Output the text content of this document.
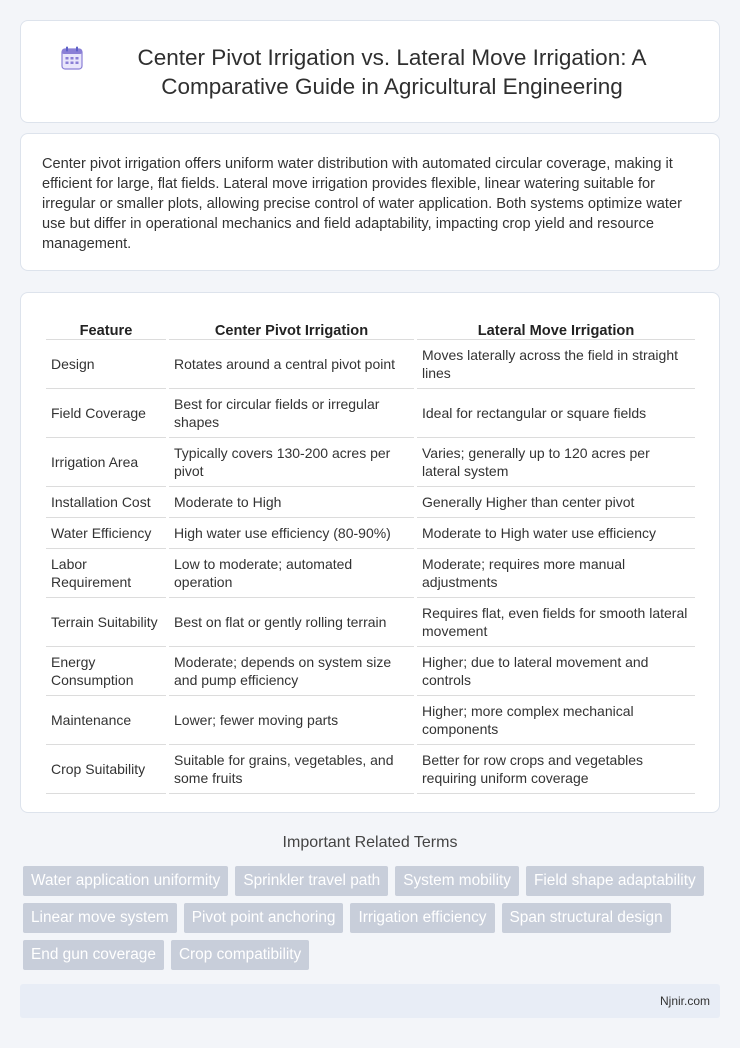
Center Pivot Irrigation vs. Lateral Move Irrigation: A Comparative Guide in Agricultural Engineering

Center pivot irrigation offers uniform water distribution with automated circular coverage, making it efficient for large, flat fields. Lateral move irrigation provides flexible, linear watering suitable for irregular or smaller plots, allowing precise control of water application. Both systems optimize water use but differ in operational mechanics and field adaptability, impacting crop yield and resource management.

Feature	Center Pivot Irrigation	Lateral Move Irrigation
Design	Rotates around a central pivot point	Moves laterally across the field in straight lines
Field Coverage	Best for circular fields or irregular shapes	Ideal for rectangular or square fields
Irrigation Area	Typically covers 130-200 acres per pivot	Varies; generally up to 120 acres per lateral system
Installation Cost	Moderate to High	Generally Higher than center pivot
Water Efficiency	High water use efficiency (80-90%)	Moderate to High water use efficiency
Labor Requirement	Low to moderate; automated operation	Moderate; requires more manual adjustments
Terrain Suitability	Best on flat or gently rolling terrain	Requires flat, even fields for smooth lateral movement
Energy Consumption	Moderate; depends on system size and pump efficiency	Higher; due to lateral movement and controls
Maintenance	Lower; fewer moving parts	Higher; more complex mechanical components
Crop Suitability	Suitable for grains, vegetables, and some fruits	Better for row crops and vegetables requiring uniform coverage
Important Related Terms
Water application uniformity	Sprinkler travel path	System mobility	Field shape adaptability
Linear move system	Pivot point anchoring	Irrigation efficiency	Span structural design
End gun coverage	Crop compatibility
Njnir.com
